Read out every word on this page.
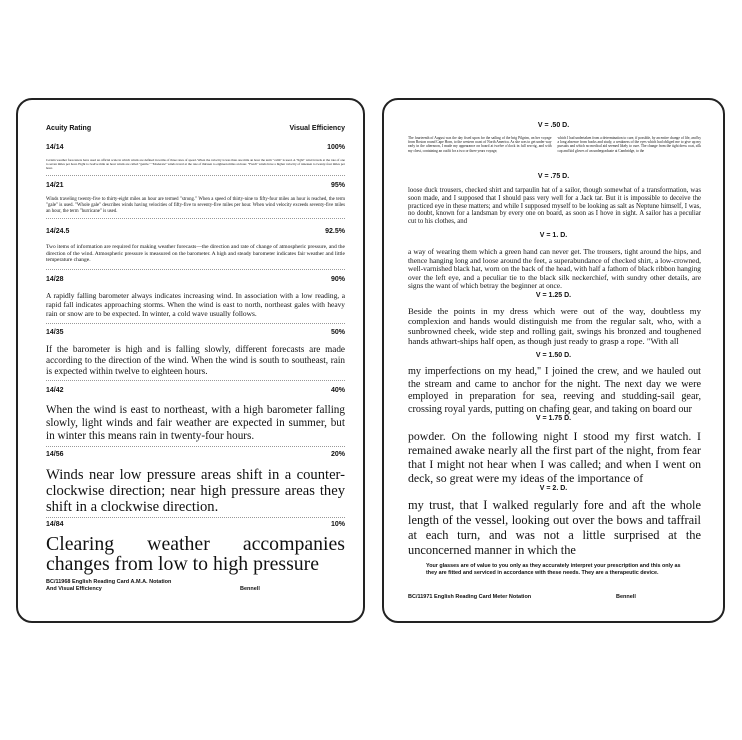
Acuity Rating	Visual Efficiency
14/14	100%

Certain weather forecasters have used an official scale in which winds are defined in terms of three rates of speed. When the velocity is less than one mile an hour the term "calm" is used. A "light" wind travels at the rate of one to seven miles per hour. Eight to twelve mile an hour winds are called "gentle." "Moderate" winds travel at the rate of thirteen to eighteen miles an hour. "Fresh" winds have a higher velocity of nineteen to twenty-four miles per hour.

14/21	95%

Winds traveling twenty-five to thirty-eight miles an hour are termed "strong." When a speed of thirty-nine to fifty-four miles an hour is reached, the term "gale" is used. "Whole gale" describes winds having velocities of fifty-five to seventy-five miles per hour. When wind velocity exceeds seventy-five miles an hour, the term "hurricane" is used.

14/24.5	92.5%

Two items of information are required for making weather forecasts—the direction and rate of change of atmospheric pressure, and the direction of the wind. Atmospheric pressure is measured on the barometer. A high and steady barometer indicates fair weather and little temperature change.

14/28	90%

A rapidly falling barometer always indicates increasing wind. In association with a low reading, a rapid fall indicates approaching storms. When the wind is east to north, northeast gales with heavy rain or snow are to be expected. In winter, a cold wave usually follows.

14/35	50%

If the barometer is high and is falling slowly, different forecasts are made according to the direction of the wind. When the wind is south to southeast, rain is expected within twelve to eighteen hours.

14/42	40%

When the wind is east to northeast, with a high barometer falling slowly, light winds and fair weather are expected in summer, but in winter this means rain in twenty-four hours.

14/56	20%

Winds near low pressure areas shift in a counter-clockwise direction; near high pressure areas they shift in a clockwise direction.

14/84	10%

Clearing weather accompanies changes from low to high pressure

BC/11968 English Reading Card A.M.A. Notation
And Visual Efficiency	Bennell
V = .50 D.

The fourteenth of August was the day fixed upon for the sailing of the brig Pilgrim, on her voyage from Boston round Cape Horn, to the western coast of North America. As she was to get under way early in the afternoon, I made my appearance on board at twelve o'clock in full sea-rig, and with my chest, containing an outfit for a two or three years voyage,

which I had undertaken from a determination to cure, if possible, by an entire change of life, and by a long absence from books and study, a weakness of the eyes which had obliged me to give up my pursuits and which no medical aid seemed likely to cure. The change from the tight dress coat, silk cap and kid gloves of an undergraduate at Cambridge, to the

V = .75 D.

loose duck trousers, checked shirt and tarpaulin hat of a sailor, though somewhat of a transformation, was soon made, and I supposed that I should pass very well for a Jack tar. But it is impossible to deceive the practiced eye in these matters; and while I supposed myself to be looking as salt as Neptune himself, I was, no doubt, known for a landsman by every one on board, as soon as I hove in sight. A sailor has a peculiar cut to his clothes, and

V = 1. D.

a way of wearing them which a green hand can never get. The trousers, tight around the hips, and thence hanging long and loose around the feet, a superabundance of checked shirt, a low-crowned, well-varnished black hat, worn on the back of the head, with half a fathom of black ribbon hanging over the left eye, and a peculiar tie to the black silk neckerchief, with sundry other details, are signs the want of which betray the beginner at once.

V = 1.25 D.

Beside the points in my dress which were out of the way, doubtless my complexion and hands would distinguish me from the regular salt, who, with a sunbrowned cheek, wide step and rolling gait, swings his bronzed and toughened hands athwart-ships half open, as though just ready to grasp a rope. "With all

V = 1.50 D.

my imperfections on my head," I joined the crew, and we hauled out the stream and came to anchor for the night. The next day we were employed in preparation for sea, reeving and studding-sail gear, crossing royal yards, putting on chafing gear, and taking on board our

V = 1.75 D.

powder. On the following night I stood my first watch. I remained awake nearly all the first part of the night, from fear that I might not hear when I was called; and when I went on deck, so great were my ideas of the importance of

V = 2. D.

my trust, that I walked regularly fore and aft the whole length of the vessel, looking out over the bows and taffrail at each turn, and was not a little surprised at the unconcerned manner in which the

Your glasses are of value to you only as they accurately interpret your prescription and this only as they are fitted and serviced in accordance with these needs. They are a therapeutic device.

BC/11971 English Reading Card Meter Notation	Bennell
